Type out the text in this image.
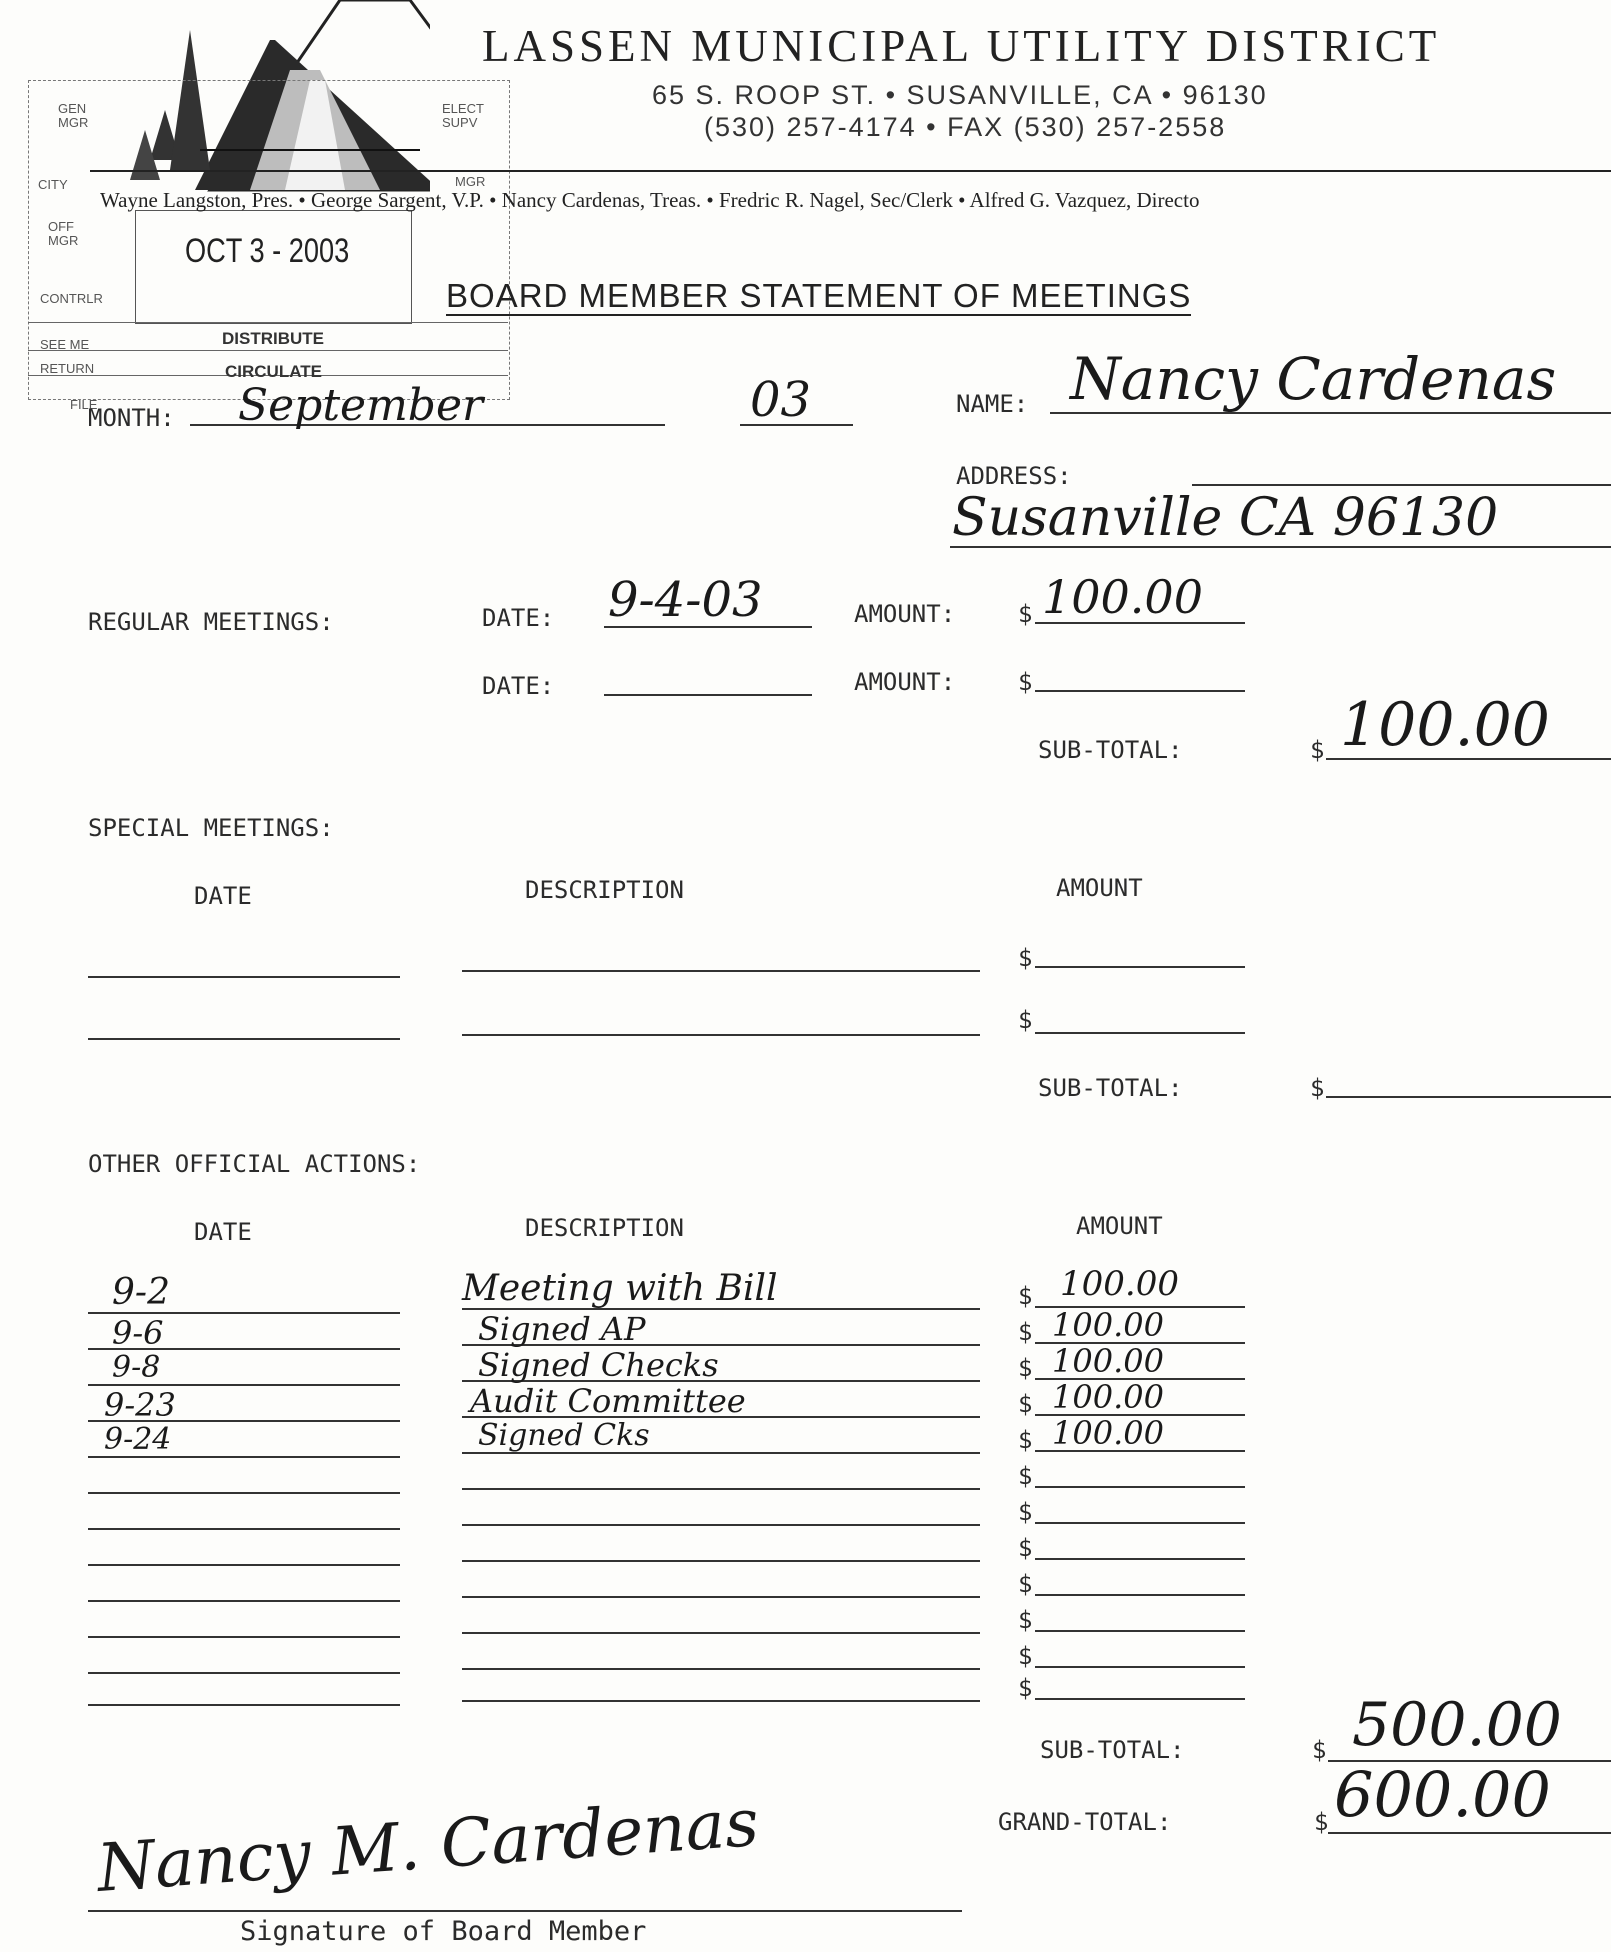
GEN MGR
CITY
OFF MGR
CONTRLR
SEE ME
RETURN
FILE
ELECT SUPV
MGR
DISTRIBUTE
CIRCULATE
OCT 3 - 2003
LASSEN MUNICIPAL UTILITY DISTRICT
65 S. ROOP ST. • SUSANVILLE, CA • 96130
(530) 257-4174 • FAX (530) 257-2558
Wayne Langston, Pres. • George Sargent, V.P. • Nancy Cardenas, Treas. • Fredric R. Nagel, Sec/Clerk • Alfred G. Vazquez, Directo
BOARD MEMBER STATEMENT OF MEETINGS
MONTH: September	03	NAME: Nancy Cardenas
ADDRESS:
Susanville CA 96130
REGULAR MEETINGS:	DATE: 9-4-03	AMOUNT:	$ 100.00
DATE:	AMOUNT:	$
SUB-TOTAL:	$ 100.00
SPECIAL MEETINGS:
DATE	DESCRIPTION	AMOUNT
$
$
SUB-TOTAL:	$
OTHER OFFICIAL ACTIONS:
DATE	DESCRIPTION	AMOUNT
$
9-2	Meeting with Bill	100.00
$
9-6	Signed AP	100.00
$
9-8	Signed Checks	100.00
$
9-23	Audit Committee	100.00
$
9-24	Signed Cks	100.00
$
$
$
$
$
$
$
SUB-TOTAL:	$ 500.00
GRAND-TOTAL:	$ 600.00
Nancy M. Cardenas
Signature of Board Member
